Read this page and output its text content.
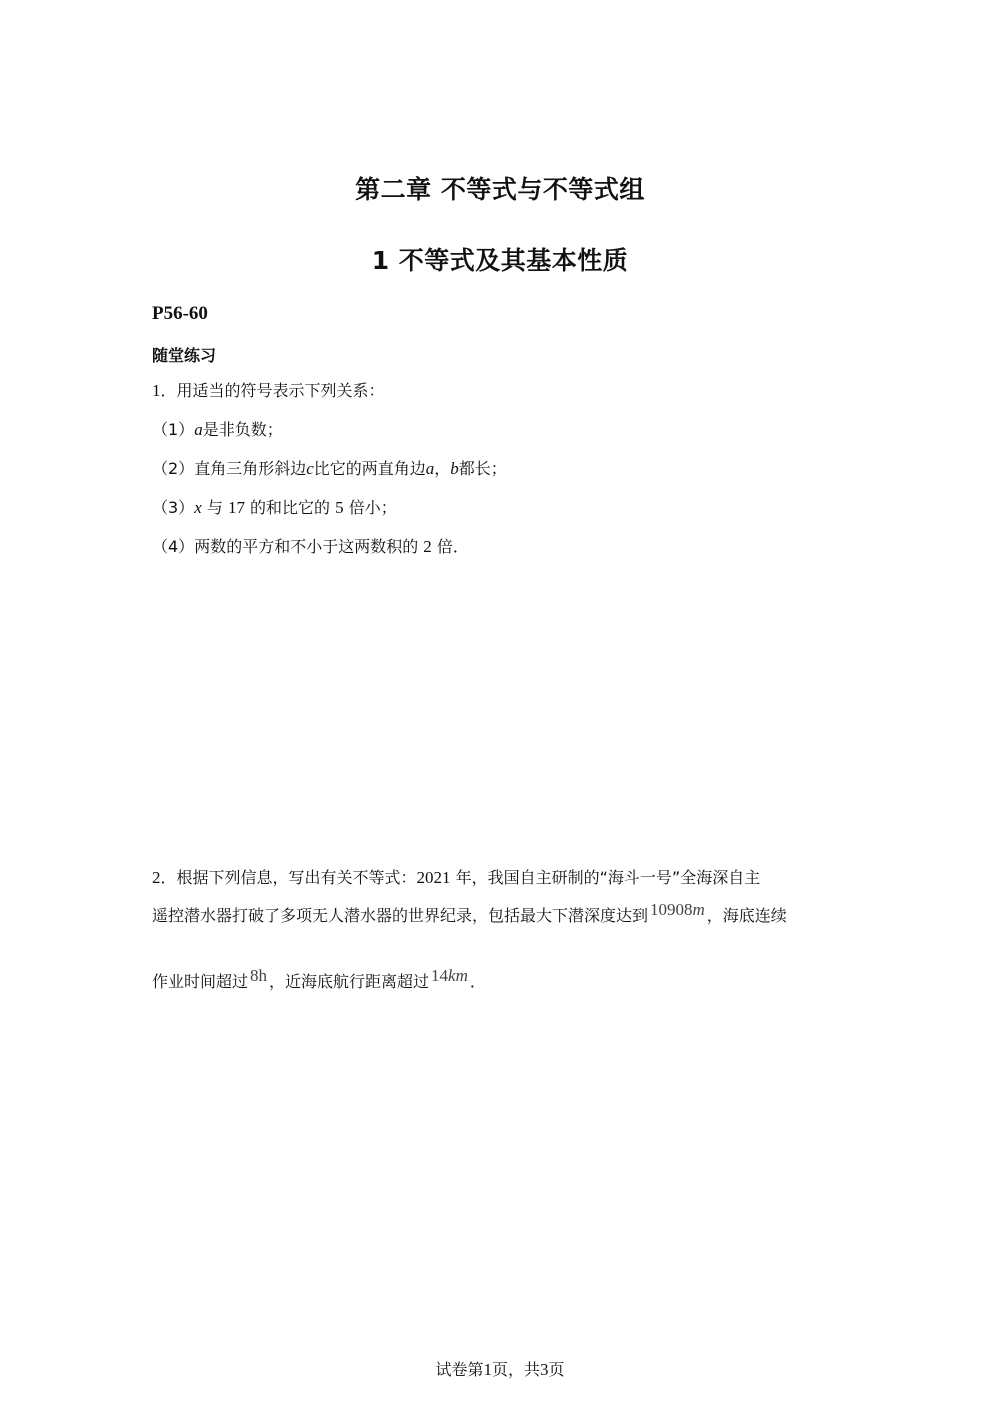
第二章 不等式与不等式组
1 不等式及其基本性质
P56-60
随堂练习
1．用适当的符号表示下列关系：
（1）a是非负数；
（2）直角三角形斜边c比它的两直角边a，b都长；
（3）x 与 17 的和比它的 5 倍小；
（4）两数的平方和不小于这两数积的 2 倍．
2．根据下列信息，写出有关不等式：2021 年，我国自主研制的“海斗一号”全海深自主
遥控潜水器打破了多项无人潜水器的世界纪录，包括最大下潜深度达到 10908m ，海底连续
作业时间超过 8h ，近海底航行距离超过 14km ．
试卷第1页，共3页
